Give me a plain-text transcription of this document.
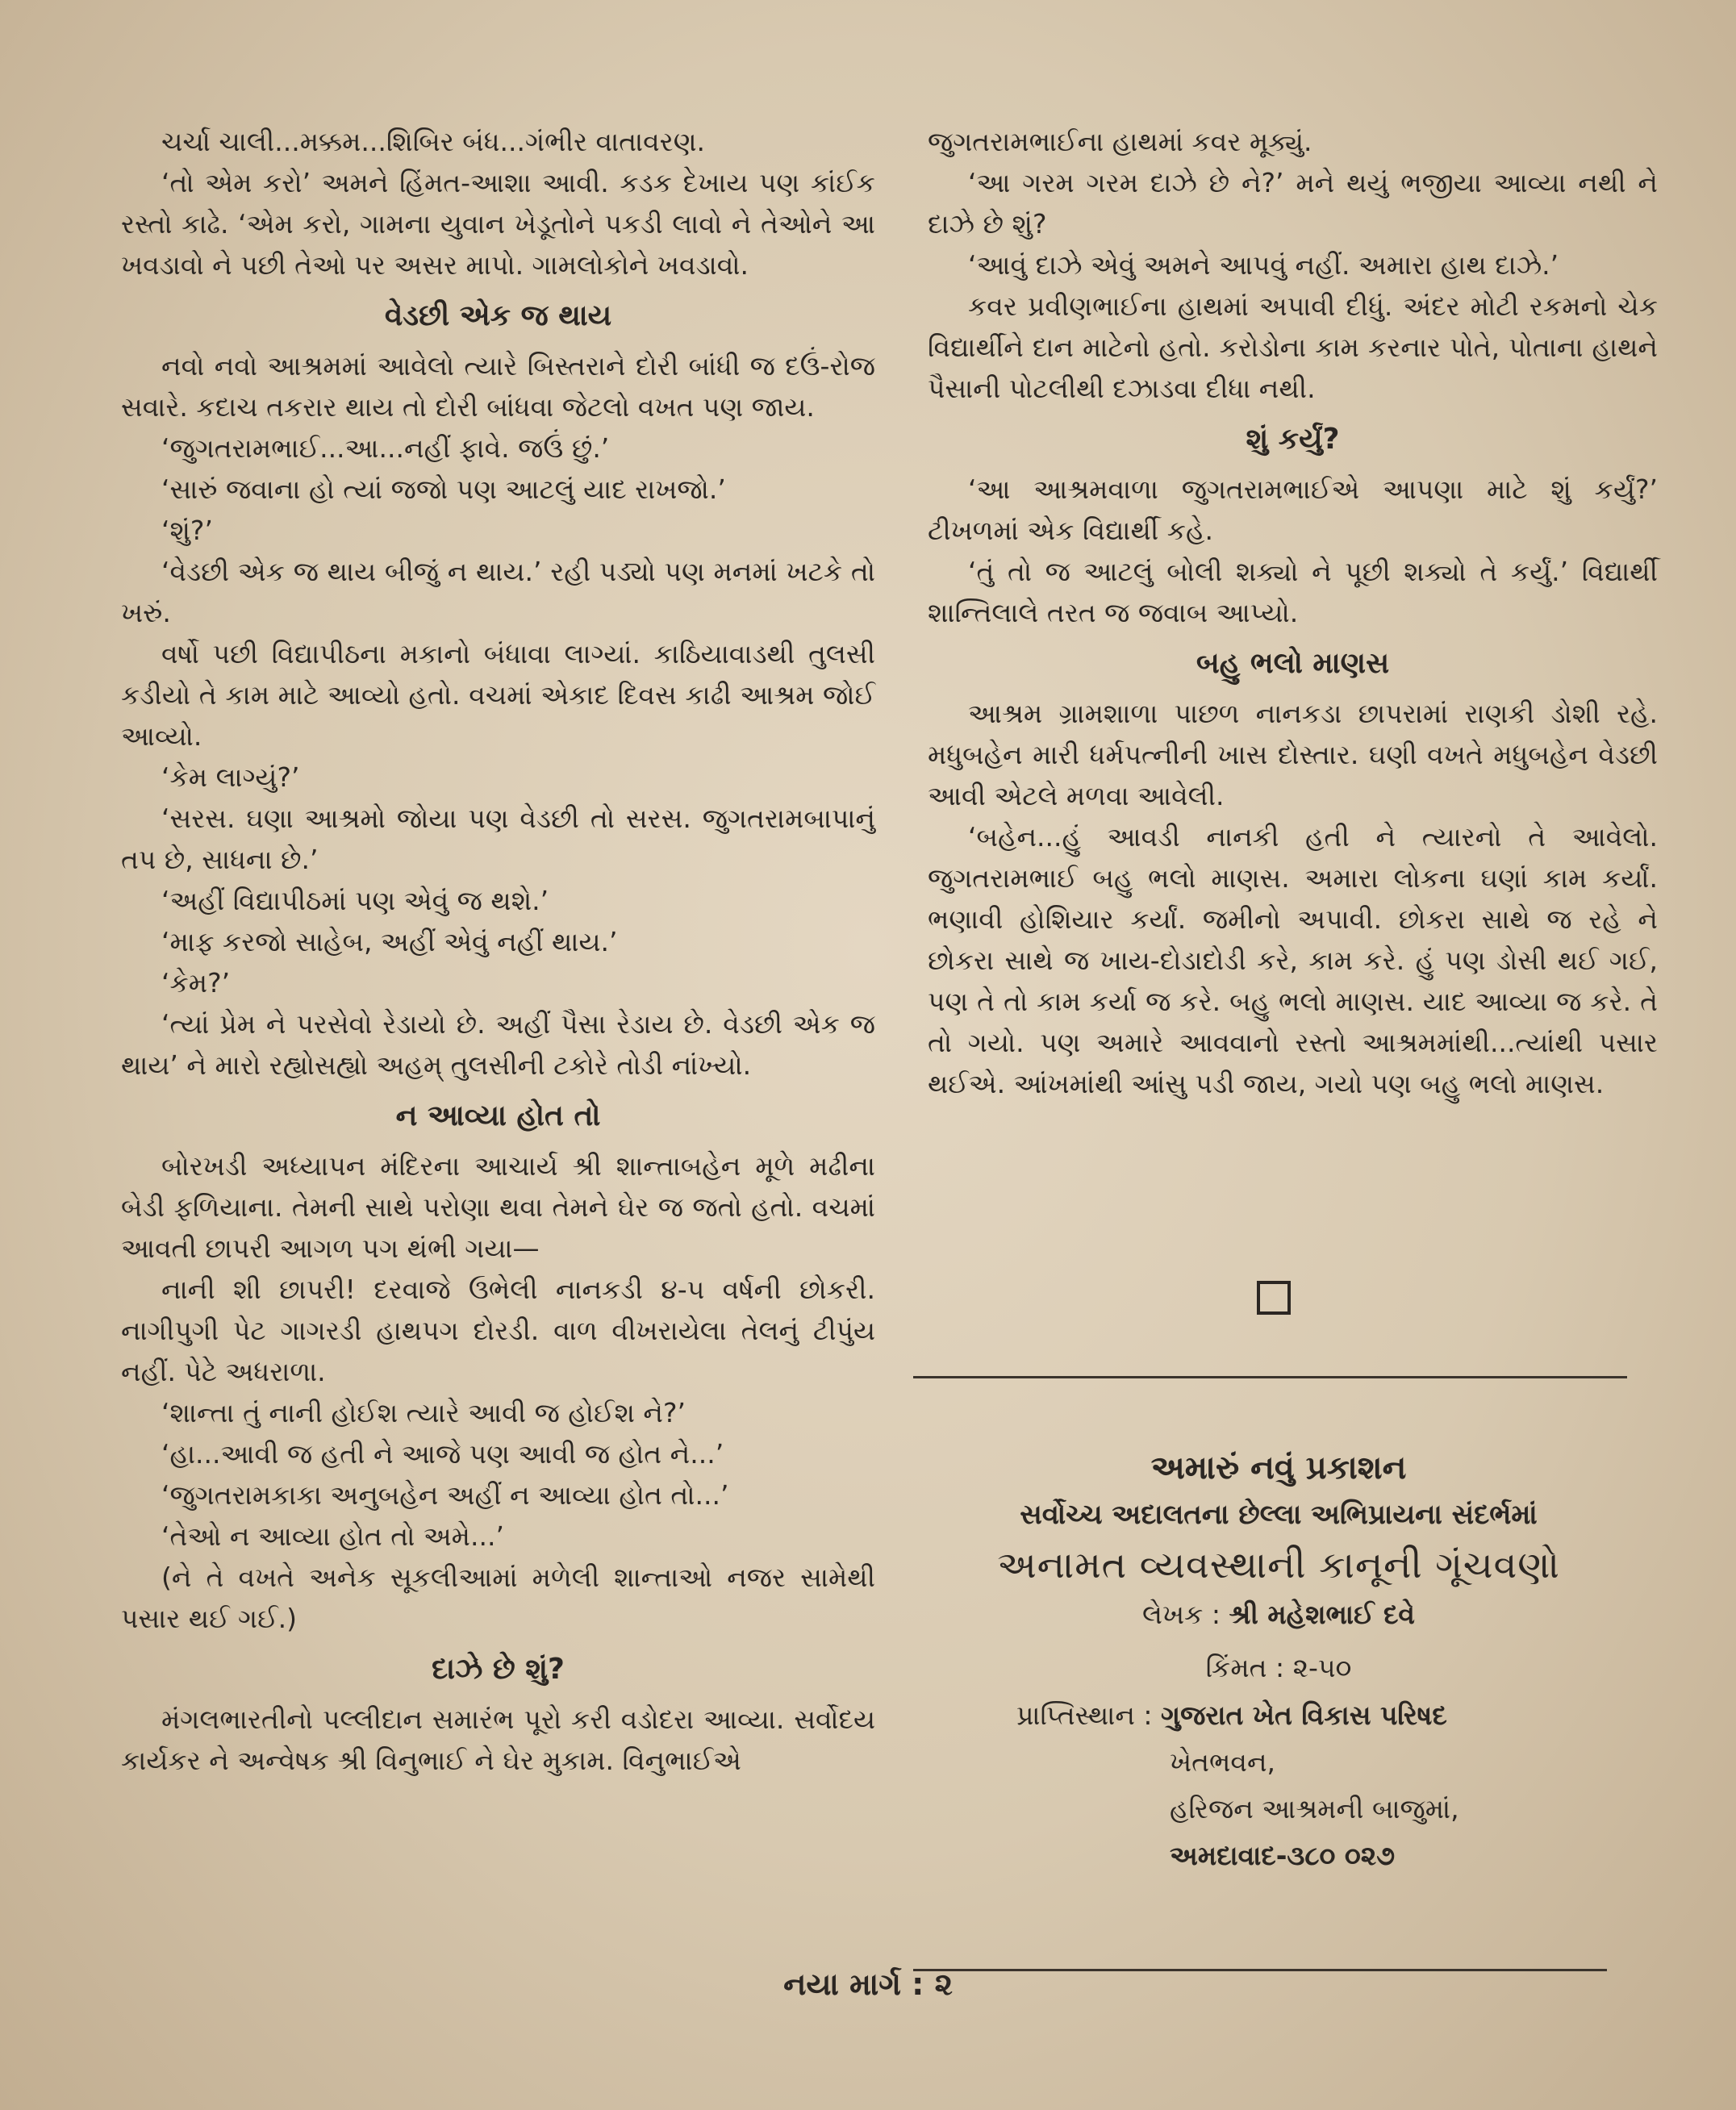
ચર્ચા ચાલી...મક્કમ...શિબિર બંધ...ગંભીર વાતાવરણ.

‘તો એમ કરો’ અમને હિંમત-આશા આવી. કડક દેખાય પણ કાંઈક રસ્તો કાઢે. ‘એમ કરો, ગામના યુવાન ખેડૂતોને પકડી લાવો ને તેઓને આ ખવડાવો ને પછી તેઓ પર અસર માપો. ગામલોકોને ખવડાવો.

વેડછી એક જ થાય

નવો નવો આશ્રમમાં આવેલો ત્યારે બિસ્તરાને દોરી બાંધી જ દઉં-રોજ સવારે. કદાચ તકરાર થાય તો દોરી બાંધવા જેટલો વખત પણ જાય.

‘જુગતરામભાઈ...આ...નહીં ફાવે. જઉં છું.’

‘સારું જવાના હો ત્યાં જજો પણ આટલું યાદ રાખજો.’

‘શું?’

‘વેડછી એક જ થાય બીજું ન થાય.’ રહી પડ્યો પણ મનમાં ખટકે તો ખરું.

વર્ષો પછી વિદ્યાપીઠના મકાનો બંધાવા લાગ્યાં. કાઠિયાવાડથી તુલસી કડીયો તે કામ માટે આવ્યો હતો. વચમાં એકાદ દિવસ કાઢી આશ્રમ જોઈ આવ્યો.

‘કેમ લાગ્યું?’

‘સરસ. ઘણા આશ્રમો જોયા પણ વેડછી તો સરસ. જુગતરામબાપાનું તપ છે, સાધના છે.’

‘અહીં વિદ્યાપીઠમાં પણ એવું જ થશે.’

‘માફ કરજો સાહેબ, અહીં એવું નહીં થાય.’

‘કેમ?’

‘ત્યાં પ્રેમ ને પરસેવો રેડાયો છે. અહીં પૈસા રેડાય છે. વેડછી એક જ થાય’ ને મારો રહ્યોસહ્યો અહમ્ તુલસીની ટકોરે તોડી નાંખ્યો.

ન આવ્યા હોત તો

બોરખડી અધ્યાપન મંદિરના આચાર્ય શ્રી શાન્તાબહેન મૂળે મઢીના બેડી ફળિયાના. તેમની સાથે પરોણા થવા તેમને ઘેર જ જતો હતો. વચમાં આવતી છાપરી આગળ પગ થંભી ગયા—

નાની શી છાપરી! દરવાજે ઉભેલી નાનકડી ૪-૫ વર્ષની છોકરી. નાગીપુગી પેટ ગાગરડી હાથપગ દોરડી. વાળ વીખરાયેલા તેલનું ટીપુંય નહીં. પેટે અધરાળા.

‘શાન્તા તું નાની હોઈશ ત્યારે આવી જ હોઈશ ને?’

‘હા...આવી જ હતી ને આજે પણ આવી જ હોત ને...’

‘જુગતરામકાકા અનુબહેન અહીં ન આવ્યા હોત તો...’

‘તેઓ ન આવ્યા હોત તો અમે...’

(ને તે વખતે અનેક સૂકલીઆમાં મળેલી શાન્તાઓ નજર સામેથી પસાર થઈ ગઈ.)

દાઝે છે શું?

મંગલભારતીનો પલ્લીદાન સમારંભ પૂરો કરી વડોદરા આવ્યા. સર્વોદય કાર્યકર ને અન્વેષક શ્રી વિનુભાઈ ને ઘેર મુકામ. વિનુભાઈએ

જુગતરામભાઈના હાથમાં કવર મૂક્યું.

‘આ ગરમ ગરમ દાઝે છે ને?’ મને થયું ભજીયા આવ્યા નથી ને દાઝે છે શું?

‘આવું દાઝે એવું અમને આપવું નહીં. અમારા હાથ દાઝે.’

કવર પ્રવીણભાઈના હાથમાં અપાવી દીધું. અંદર મોટી રકમનો ચેક વિદ્યાર્થીને દાન માટેનો હતો. કરોડોના કામ કરનાર પોતે, પોતાના હાથને પૈસાની પોટલીથી દઝાડવા દીધા નથી.

શું કર્યું?

‘આ આશ્રમવાળા જુગતરામભાઈએ આપણા માટે શું કર્યું?’ ટીખળમાં એક વિદ્યાર્થી કહે.

‘તું તો જ આટલું બોલી શક્યો ને પૂછી શક્યો તે કર્યું.’ વિદ્યાર્થી શાન્તિલાલે તરત જ જવાબ આપ્યો.

બહુ ભલો માણસ

આશ્રમ ગ્રામશાળા પાછળ નાનકડા છાપરામાં રાણકી ડોશી રહે. મધુબહેન મારી ધર્મપત્નીની ખાસ દોસ્તાર. ઘણી વખતે મધુબહેન વેડછી આવી એટલે મળવા આવેલી.

‘બહેન...હું આવડી નાનકી હતી ને ત્યારનો તે આવેલો. જુગતરામભાઈ બહુ ભલો માણસ. અમારા લોકના ઘણાં કામ કર્યાં. ભણાવી હોશિયાર કર્યાં. જમીનો અપાવી. છોકરા સાથે જ રહે ને છોકરા સાથે જ ખાય-દોડાદોડી કરે, કામ કરે. હું પણ ડોસી થઈ ગઈ, પણ તે તો કામ કર્યા જ કરે. બહુ ભલો માણસ. યાદ આવ્યા જ કરે. તે તો ગયો. પણ અમારે આવવાનો રસ્તો આશ્રમમાંથી...ત્યાંથી પસાર થઈએ. આંખમાંથી આંસુ પડી જાય, ગયો પણ બહુ ભલો માણસ.

અમારું નવું પ્રકાશન
સર્વોચ્ચ અદાલતના છેલ્લા અભિપ્રાયના સંદર્ભમાં
અનામત વ્યવસ્થાની કાનૂની ગૂંચવણો
લેખક : શ્રી મહેશભાઈ દવે
કિંમત : ૨-૫૦
પ્રાપ્તિસ્થાન : ગુજરાત ખેત વિકાસ પરિષદ
ખેતભવન,
હરિજન આશ્રમની બાજુમાં,
અમદાવાદ-૩૮૦ ૦૨૭
નયા માર્ગ : ૨
